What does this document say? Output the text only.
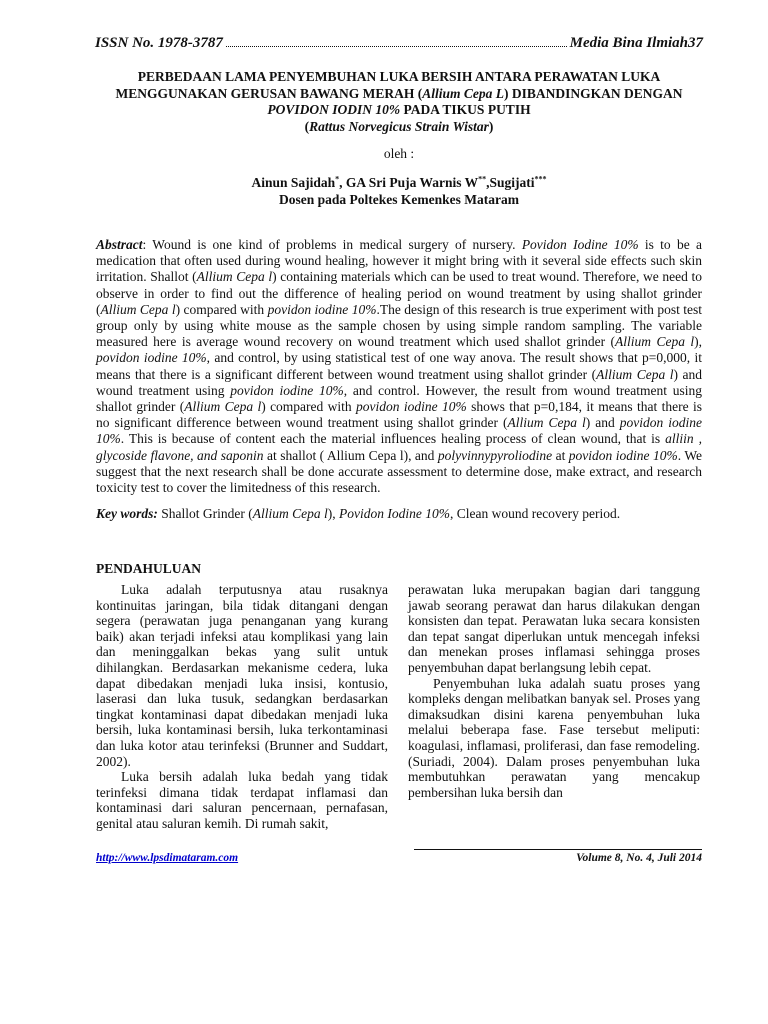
ISSN No. 1978-3787	Media Bina Ilmiah37
PERBEDAAN LAMA PENYEMBUHAN LUKA BERSIH ANTARA PERAWATAN LUKA
MENGGUNAKAN GERUSAN BAWANG MERAH (Allium Cepa L) DIBANDINGKAN DENGAN
POVIDON IODIN 10% PADA TIKUS PUTIH
(Rattus Norvegicus Strain Wistar)
oleh :
Ainun Sajidah*, GA Sri Puja Warnis W**,Sugijati***
Dosen pada Poltekes Kemenkes Mataram
Abstract: Wound is one kind of problems in medical surgery of nursery. Povidon Iodine 10% is to be a medication that often used during wound healing, however it might bring with it several side effects such skin irritation. Shallot (Allium Cepa l) containing materials which can be used to treat wound. Therefore, we need to observe in order to find out the difference of healing period on wound treatment by using shallot grinder (Allium Cepa l) compared with povidon iodine 10%.The design of this research is true experiment with post test group only by using white mouse as the sample chosen by using simple random sampling. The variable measured here is average wound recovery on wound treatment which used shallot grinder (Allium Cepa l), povidon iodine 10%, and control, by using statistical test of one way anova. The result shows that p=0,000, it means that there is a significant different between wound treatment using shallot grinder (Allium Cepa l) and wound treatment using povidon iodine 10%, and control. However, the result from wound treatment using shallot grinder (Allium Cepa l) compared with povidon iodine 10% shows that p=0,184, it means that there is no significant difference between wound treatment using shallot grinder (Allium Cepa l) and povidon iodine 10%. This is because of content each the material influences healing process of clean wound, that is alliin , glycoside flavone, and saponin at shallot ( Allium Cepa l), and polyvinnypyroliodine at povidon iodine 10%. We suggest that the next research shall be done accurate assessment to determine dose, make extract, and research toxicity test to cover the limitedness of this research.
Key words: Shallot Grinder (Allium Cepa l), Povidon Iodine 10%, Clean wound recovery period.
PENDAHULUAN

Luka adalah terputusnya atau rusaknya kontinuitas jaringan, bila tidak ditangani dengan segera (perawatan juga penanganan yang kurang baik) akan terjadi infeksi atau komplikasi yang lain dan meninggalkan bekas yang sulit untuk dihilangkan. Berdasarkan mekanisme cedera, luka dapat dibedakan menjadi luka insisi, kontusio, laserasi dan luka tusuk, sedangkan berdasarkan tingkat kontaminasi dapat dibedakan menjadi luka bersih, luka kontaminasi bersih, luka terkontaminasi dan luka kotor atau terinfeksi (Brunner and Suddart, 2002).

Luka bersih adalah luka bedah yang tidak terinfeksi dimana tidak terdapat inflamasi dan kontaminasi dari saluran pencernaan, pernafasan, genital atau saluran kemih. Di rumah sakit,

perawatan luka merupakan bagian dari tanggung jawab seorang perawat dan harus dilakukan dengan konsisten dan tepat. Perawatan luka secara konsisten dan tepat sangat diperlukan untuk mencegah infeksi dan menekan proses inflamasi sehingga proses penyembuhan dapat berlangsung lebih cepat.

Penyembuhan luka adalah suatu proses yang kompleks dengan melibatkan banyak sel. Proses yang dimaksudkan disini karena penyembuhan luka melalui beberapa fase. Fase tersebut meliputi: koagulasi, inflamasi, proliferasi, dan fase remodeling. (Suriadi, 2004). Dalam proses penyembuhan luka membutuhkan perawatan yang mencakup pembersihan luka bersih dan

http://www.lpsdimataram.com	Volume 8, No. 4, Juli 2014
